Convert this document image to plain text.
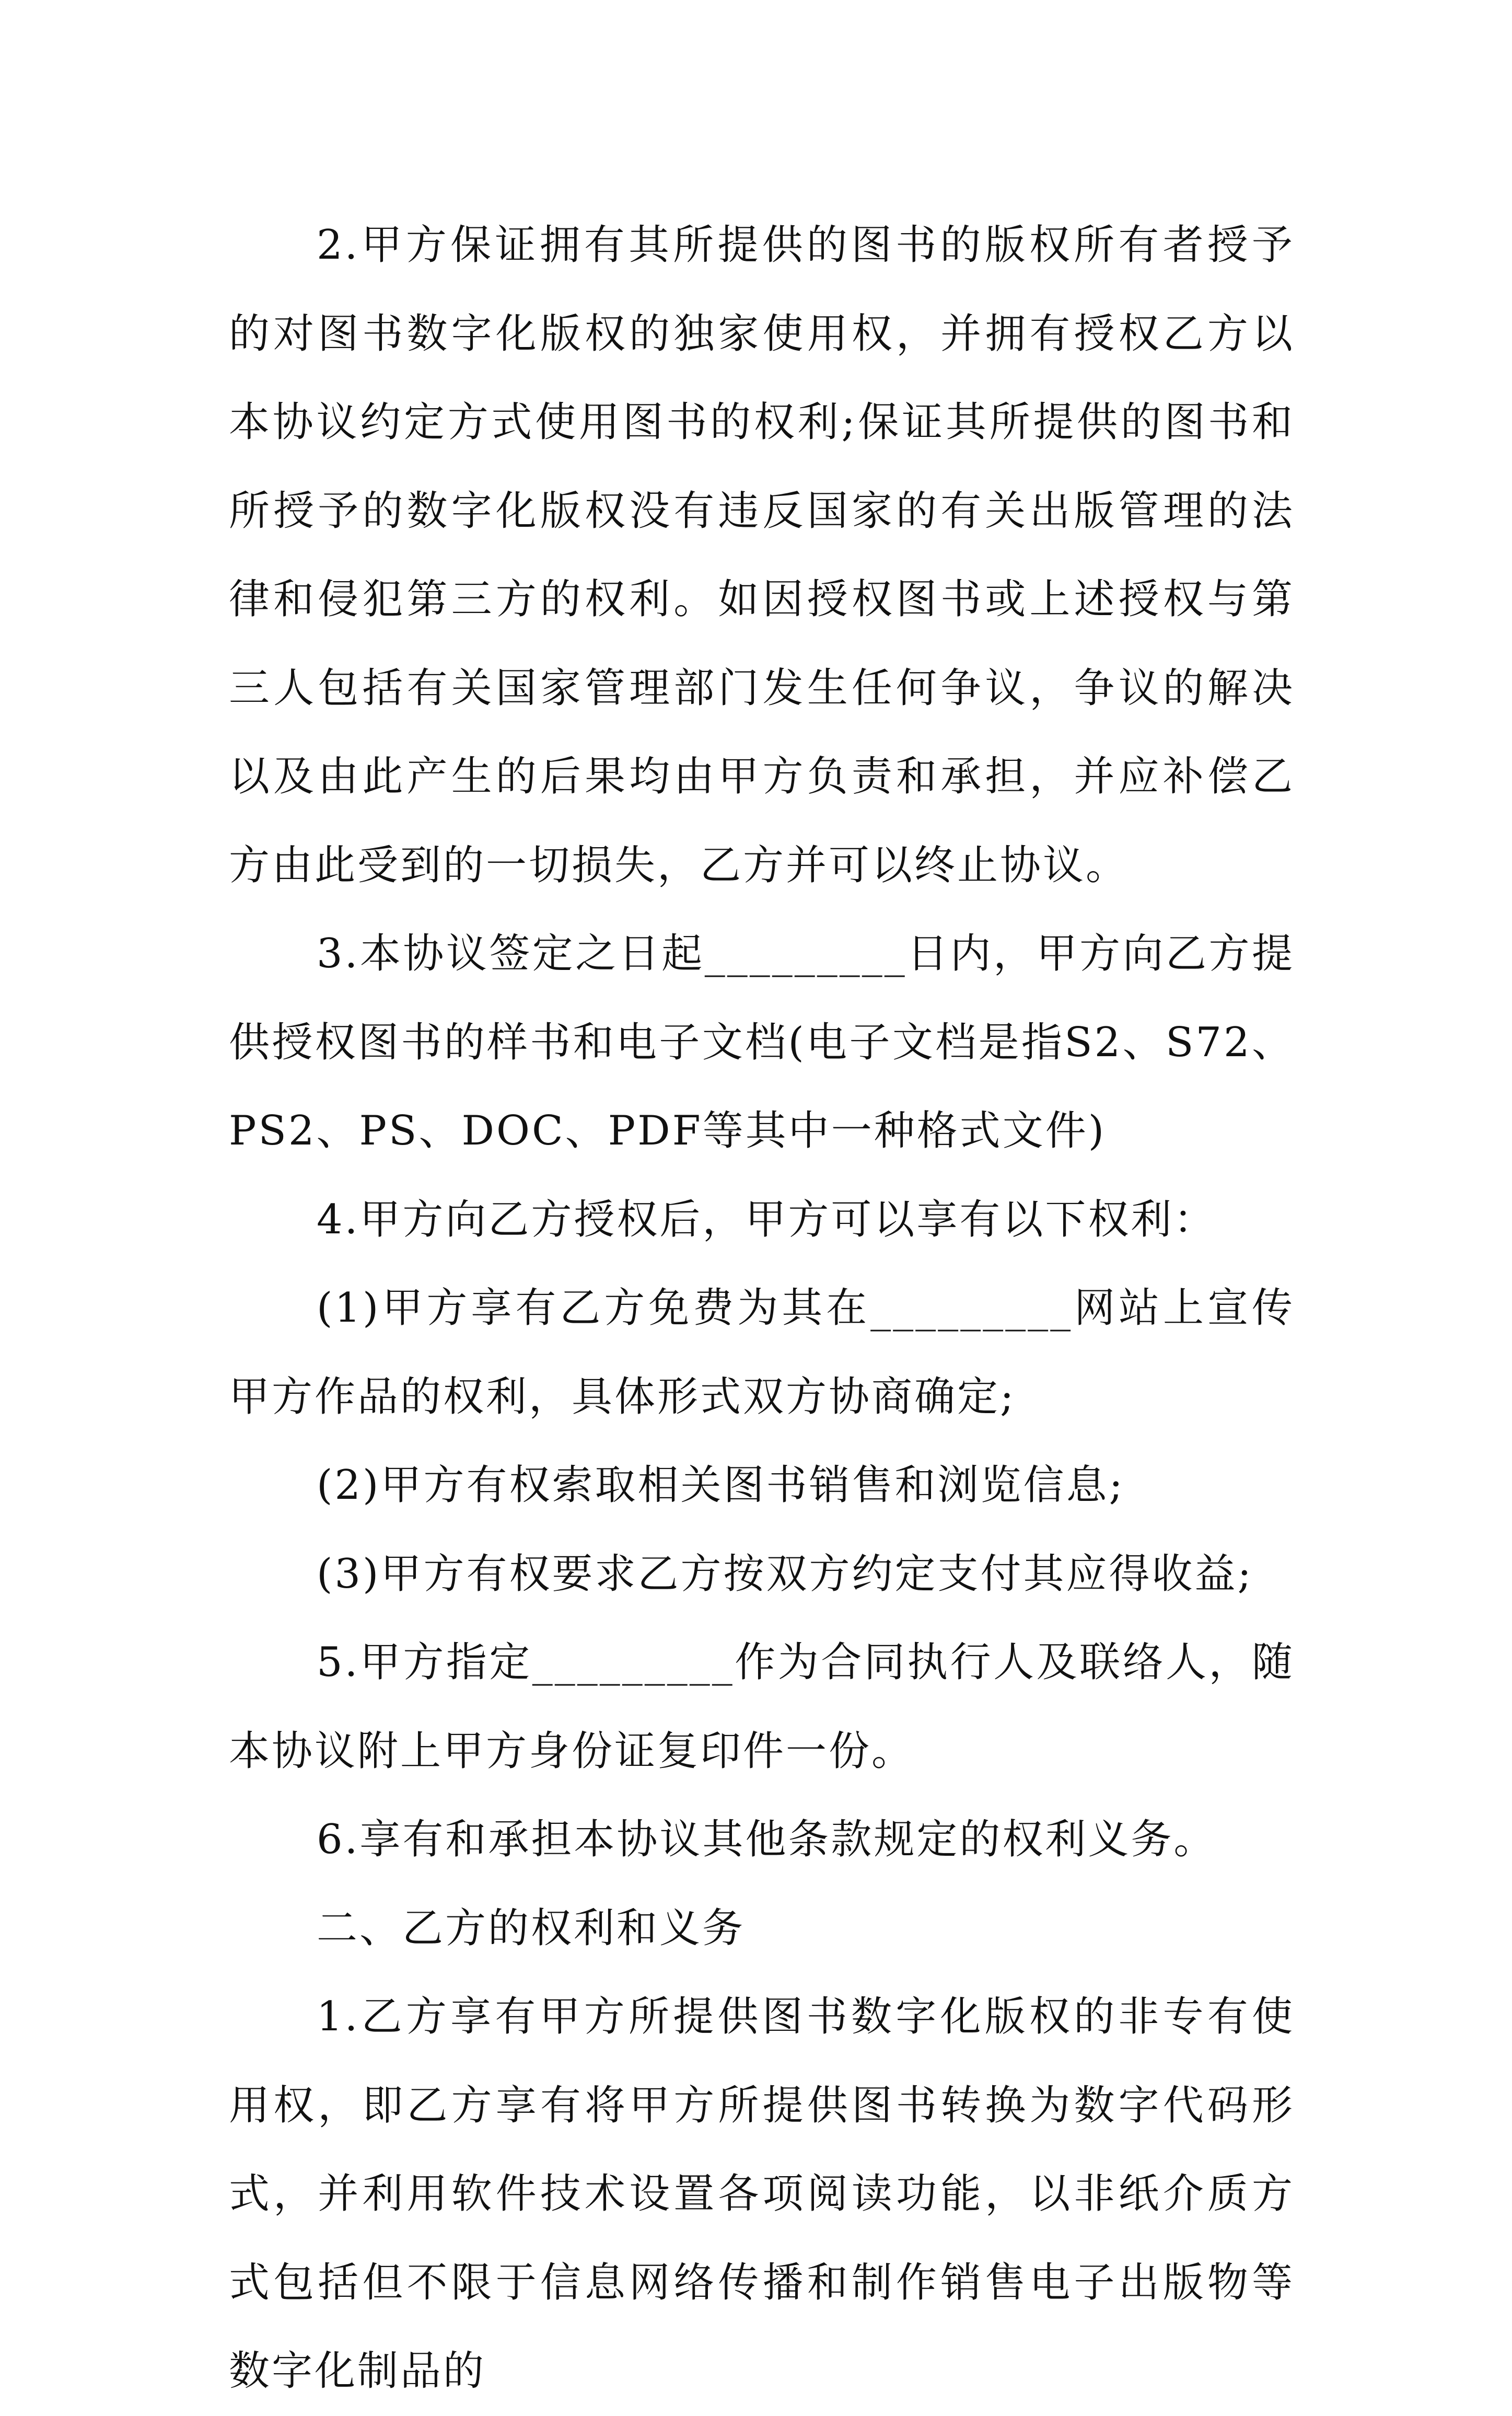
2.甲方保证拥有其所提供的图书的版权所有者授予的对图书数字化版权的独家使用权，并拥有授权乙方以本协议约定方式使用图书的权利;保证其所提供的图书和所授予的数字化版权没有违反国家的有关出版管理的法律和侵犯第三方的权利。如因授权图书或上述授权与第三人包括有关国家管理部门发生任何争议，争议的解决以及由此产生的后果均由甲方负责和承担，并应补偿乙方由此受到的一切损失，乙方并可以终止协议。

3.本协议签定之日起_________日内，甲方向乙方提供授权图书的样书和电子文档(电子文档是指S2、S72、PS2、PS、DOC、PDF等其中一种格式文件)

4.甲方向乙方授权后，甲方可以享有以下权利：

(1)甲方享有乙方免费为其在_________网站上宣传甲方作品的权利，具体形式双方协商确定;

(2)甲方有权索取相关图书销售和浏览信息;

(3)甲方有权要求乙方按双方约定支付其应得收益;

5.甲方指定_________作为合同执行人及联络人，随本协议附上甲方身份证复印件一份。

6.享有和承担本协议其他条款规定的权利义务。

二、乙方的权利和义务

1.乙方享有甲方所提供图书数字化版权的非专有使用权，即乙方享有将甲方所提供图书转换为数字代码形式，并利用软件技术设置各项阅读功能，以非纸介质方式包括但不限于信息网络传播和制作销售电子出版物等数字化制品的
